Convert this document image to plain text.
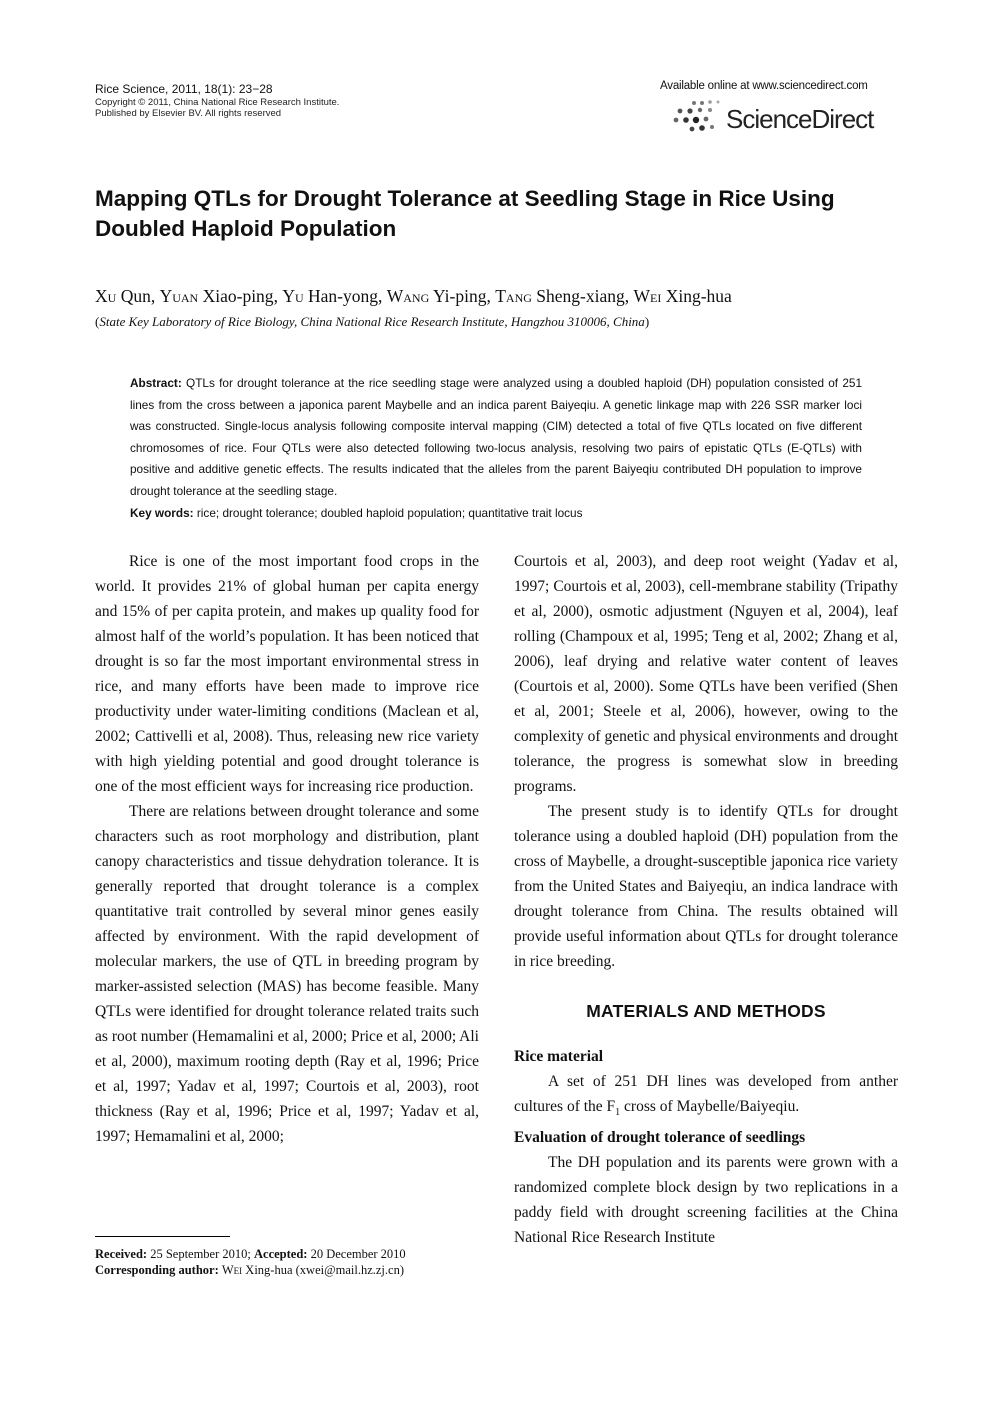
Rice Science, 2011, 18(1): 23−28
Copyright © 2011, China National Rice Research Institute.
Published by Elsevier BV. All rights reserved
Available online at www.sciencedirect.com
ScienceDirect
Mapping QTLs for Drought Tolerance at Seedling Stage in Rice Using Doubled Haploid Population
Xu Qun, Yuan Xiao-ping, Yu Han-yong, Wang Yi-ping, Tang Sheng-xiang, Wei Xing-hua
(State Key Laboratory of Rice Biology, China National Rice Research Institute, Hangzhou 310006, China)
Abstract: QTLs for drought tolerance at the rice seedling stage were analyzed using a doubled haploid (DH) population consisted of 251 lines from the cross between a japonica parent Maybelle and an indica parent Baiyeqiu. A genetic linkage map with 226 SSR marker loci was constructed. Single-locus analysis following composite interval mapping (CIM) detected a total of five QTLs located on five different chromosomes of rice. Four QTLs were also detected following two-locus analysis, resolving two pairs of epistatic QTLs (E-QTLs) with positive and additive genetic effects. The results indicated that the alleles from the parent Baiyeqiu contributed DH population to improve drought tolerance at the seedling stage.
Key words: rice; drought tolerance; doubled haploid population; quantitative trait locus

Rice is one of the most important food crops in the world. It provides 21% of global human per capita energy and 15% of per capita protein, and makes up quality food for almost half of the world’s population. It has been noticed that drought is so far the most important environmental stress in rice, and many efforts have been made to improve rice productivity under water-limiting conditions (Maclean et al, 2002; Cattivelli et al, 2008). Thus, releasing new rice variety with high yielding potential and good drought tolerance is one of the most efficient ways for increasing rice production.

There are relations between drought tolerance and some characters such as root morphology and distribution, plant canopy characteristics and tissue dehydration tolerance. It is generally reported that drought tolerance is a complex quantitative trait controlled by several minor genes easily affected by environment. With the rapid development of molecular markers, the use of QTL in breeding program by marker-assisted selection (MAS) has become feasible. Many QTLs were identified for drought tolerance related traits such as root number (Hemamalini et al, 2000; Price et al, 2000; Ali et al, 2000), maximum rooting depth (Ray et al, 1996; Price et al, 1997; Yadav et al, 1997; Courtois et al, 2003), root thickness (Ray et al, 1996; Price et al, 1997; Yadav et al, 1997; Hemamalini et al, 2000;

Courtois et al, 2003), and deep root weight (Yadav et al, 1997; Courtois et al, 2003), cell-membrane stability (Tripathy et al, 2000), osmotic adjustment (Nguyen et al, 2004), leaf rolling (Champoux et al, 1995; Teng et al, 2002; Zhang et al, 2006), leaf drying and relative water content of leaves (Courtois et al, 2000). Some QTLs have been verified (Shen et al, 2001; Steele et al, 2006), however, owing to the complexity of genetic and physical environments and drought tolerance, the progress is somewhat slow in breeding programs.

The present study is to identify QTLs for drought tolerance using a doubled haploid (DH) population from the cross of Maybelle, a drought-susceptible japonica rice variety from the United States and Baiyeqiu, an indica landrace with drought tolerance from China. The results obtained will provide useful information about QTLs for drought tolerance in rice breeding.

MATERIALS AND METHODS

Rice material

A set of 251 DH lines was developed from anther cultures of the $F_1$ cross of Maybelle/Baiyeqiu.

Evaluation of drought tolerance of seedlings

The DH population and its parents were grown with a randomized complete block design by two replications in a paddy field with drought screening facilities at the China National Rice Research Institute

Received: 25 September 2010; Accepted: 20 December 2010
Corresponding author: Wei Xing-hua (xwei@mail.hz.zj.cn)
